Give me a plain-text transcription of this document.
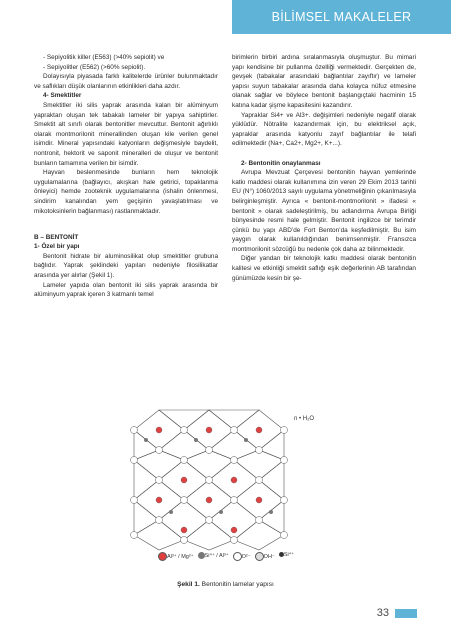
BİLİMSEL MAKALELER

- Sepiyolitik killer (E563) (>40% sepiolit) ve

- Sepiyolitler (E562) (>60% sepiolit).

Dolayısıyla piyasada farklı kalitelerde ürünler bulunmaktadır ve saflıkları düşük olanlarının etkinlikleri daha azdır.

4- Smektitler

Smektitler iki silis yaprak arasında kalan bir alüminyum yapraktan oluşan tek tabakalı lameler bir yapıya sahiptirler. Smektit alt sınıfı olarak bentonitler mevcuttur. Bentonit ağırlıklı olarak montmorilonit minerallinden oluşan kile verilen genel isimdir. Mineral yapısındaki katyonların değişmesiyle baydelit, nontronit, hektorit ve saponit mineralleri de oluşur ve bentonit bunların tamamına verilen bir isimdir.

Hayvan beslenmesinde bunların hem teknolojik uygulamalarına (bağlayıcı, akışkan hale getirici, topaklanma önleyici) hemde zooteknik uygulamalarına (ishalin önlenmesi, sindirim kanalından yem geçişinin yavaşlatılması ve mikotoksinlerin bağlanması) rastlanmaktadır.

B – BENTONİT

1- Özel bir yapı

Bentonit hidrate bir aluminosilikat olup smektitler grubuna bağlıdır. Yaprak şeklindeki yapıları nedeniyle filosilikatlar arasında yer alırlar (Şekil 1).

Lameler yapıda olan bentonit iki silis yaprak arasında bir alüminyum yaprak içeren 3 katmanlı temel

birimlerin birbiri ardına sıralanmasıyla oluşmuştur. Bu mimari yapı kendisine bir pullanma özelliği vermektedir. Gerçekten de, gevşek (tabakalar arasındaki bağlantılar zayıftır) ve lameler yapısı suyun tabakalar arasında daha kolayca nüfuz etmesine olanak sağlar ve böylece bentonit başlangıçtaki hacminin 15 katına kadar şişme kapasitesini kazandırır.

Yapraklar Si4+ ve Al3+. değişimleri nedeniyle negatif olarak yüklüdür. Nötralite kazandırmak için, bu elektriksel açık, yapraklar arasında katyonlu zayıf bağlantılar ile telafi edilmektedir (Na+, Ca2+, Mg2+, K+...).

2- Bentonitin onaylanması

Avrupa Mevzuat Çerçevesi bentonitin hayvan yemlerinde katkı maddesi olarak kullanımına izin veren 29 Ekim 2013 tarihli EU (N°) 1060/2013 sayılı uygulama yönetmeliğinin çıkarılmasıyla belirginleşmiştir. Ayrıca « bentonit-montmorilonit » ifadesi « bentonit » olarak sadeleştirilmiş, bu adlandırma Avrupa Birliği bünyesinde resmi hale gelmiştir. Bentonit ingilizce bir terimdir çünkü bu yapı ABD’de Fort Benton’da keşfedilmiştir. Bu isim yaygın olarak kullanıldığından benimsenmiştir. Fransızca montmorilonit sözcüğü bu nedenle çok daha az bilinmektedir.

Diğer yandan bir teknolojik katkı maddesi olarak bentonitin kalitesi ve etkinliği smektit saflığı eşik değerlerinin AB tarafından günümüzde kesin bir şe-

n • H₂O
Al³⁺ / Mg²⁺	Si⁴⁺ / Al³⁺	O²⁻	OH⁻	Si⁴⁺
Şekil 1. Bentonitin lamelar yapısı
33
